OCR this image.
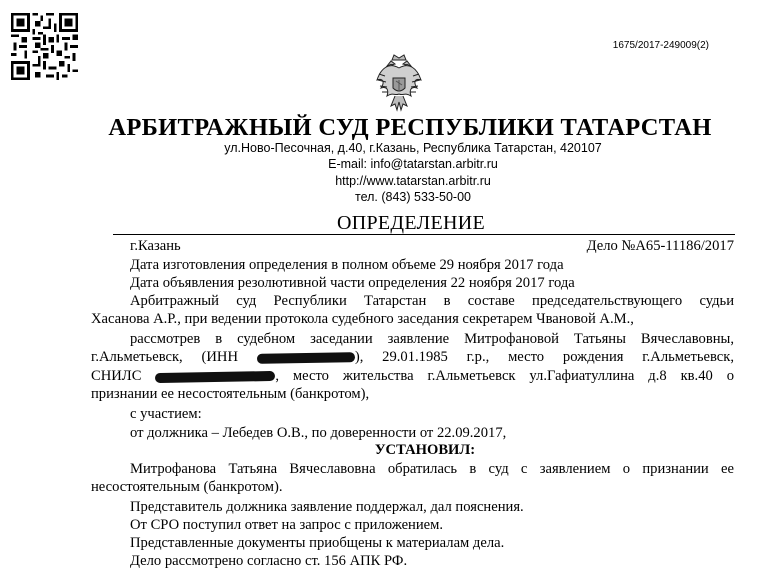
1675/2017-249009(2)
АРБИТРАЖНЫЙ СУД РЕСПУБЛИКИ ТАТАРСТАН
ул.Ново-Песочная, д.40, г.Казань, Республика Татарстан, 420107
E-mail: info@tatarstan.arbitr.ru
http://www.tatarstan.arbitr.ru
тел. (843) 533-50-00
ОПРЕДЕЛЕНИЕ
г.Казань	Дело №А65-11186/2017
Дата изготовления определения в полном объеме 29 ноября 2017 года
Дата объявления резолютивной части определения 22 ноября 2017 года
Арбитражный суд Республики Татарстан в составе председательствующего судьи
Хасанова А.Р., при ведении протокола судебного заседания секретарем Чвановой А.М.,
рассмотрев в судебном заседании заявление Митрофановой Татьяны Вячеславовны,
г.Альметьевск, (ИНН	), 29.01.1985 г.р., место рождения г.Альметьевск,
СНИЛС	, место жительства г.Альметьевск ул.Гафиатуллина д.8 кв.40 о
признании ее несостоятельным (банкротом),
с участием:
от должника – Лебедев О.В., по доверенности от 22.09.2017,
УСТАНОВИЛ:
Митрофанова Татьяна Вячеславовна обратилась в суд с заявлением о признании ее
несостоятельным (банкротом).
Представитель должника заявление поддержал, дал пояснения.
От СРО поступил ответ на запрос с приложением.
Представленные документы приобщены к материалам дела.
Дело рассмотрено согласно ст. 156 АПК РФ.
